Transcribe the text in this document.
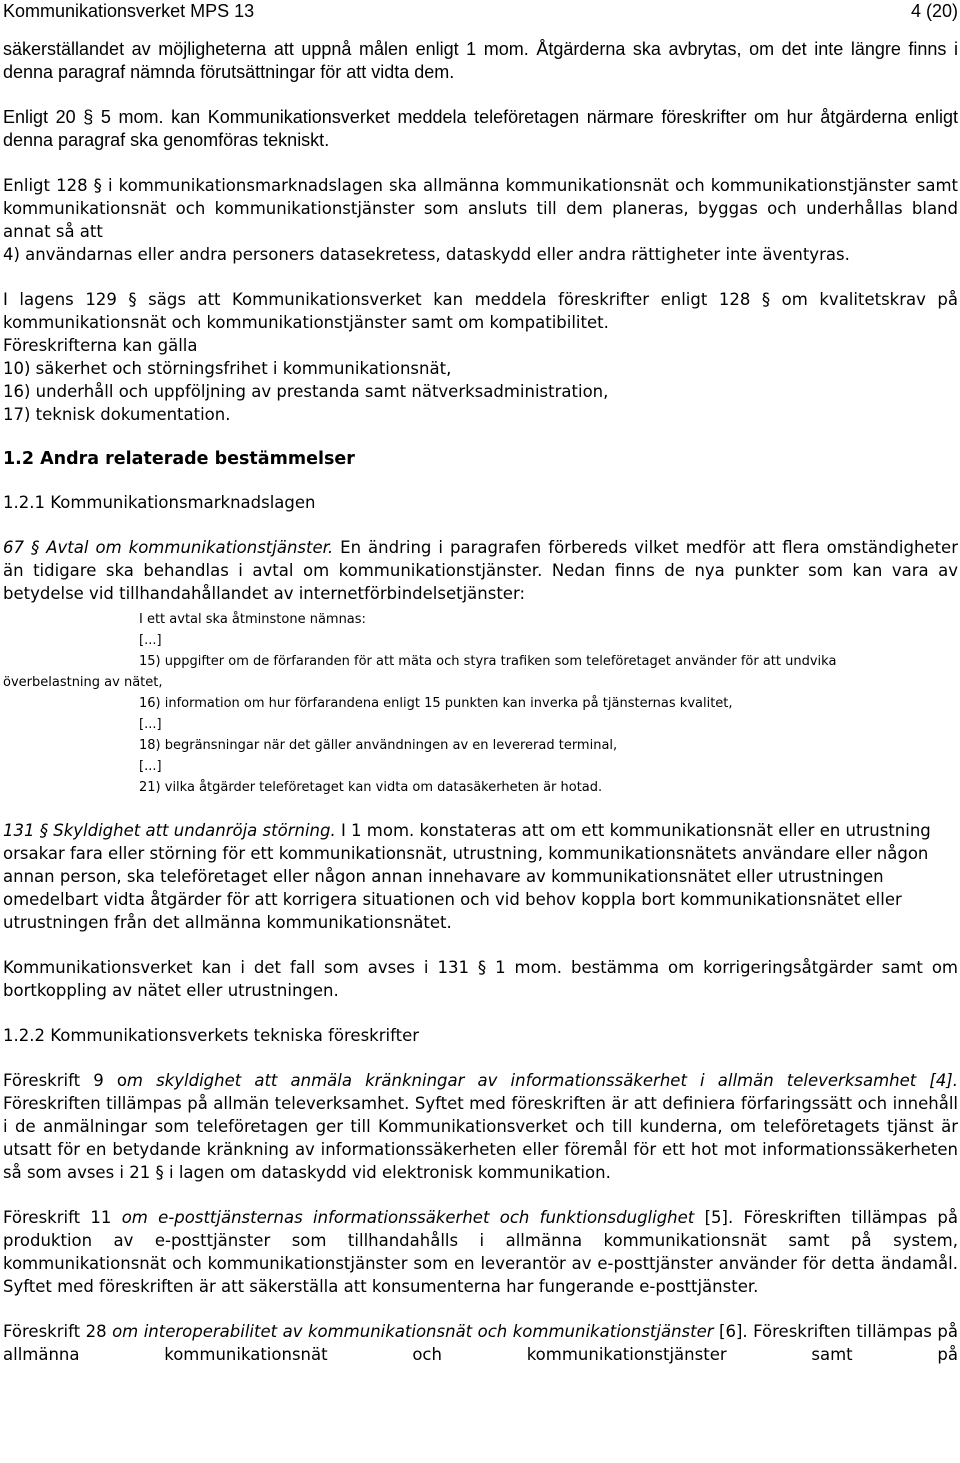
Kommunikationsverket MPS 13	4 (20)

säkerställandet av möjligheterna att uppnå målen enligt 1 mom. Åtgärderna ska avbrytas, om det inte längre finns i denna paragraf nämnda förutsättningar för att vidta dem.

Enligt 20 § 5 mom. kan Kommunikationsverket meddela teleföretagen närmare föreskrifter om hur åtgärderna enligt denna paragraf ska genomföras tekniskt.

Enligt 128 § i kommunikationsmarknadslagen ska allmänna kommunikationsnät och kommunikationstjänster samt kommunikationsnät och kommunikationstjänster som ansluts till dem planeras, byggas och underhållas bland annat så att

4) användarnas eller andra personers datasekretess, dataskydd eller andra rättigheter inte äventyras.

I lagens 129 § sägs att Kommunikationsverket kan meddela föreskrifter enligt 128 § om kvalitetskrav på kommunikationsnät och kommunikationstjänster samt om kompatibilitet.

Föreskrifterna kan gälla
10) säkerhet och störningsfrihet i kommunikationsnät,
16) underhåll och uppföljning av prestanda samt nätverksadministration,
17) teknisk dokumentation.
1.2 Andra relaterade bestämmelser
1.2.1 Kommunikationsmarknadslagen

67 § Avtal om kommunikationstjänster. En ändring i paragrafen förbereds vilket medför att flera omständigheter än tidigare ska behandlas i avtal om kommunikationstjänster. Nedan finns de nya punkter som kan vara av betydelse vid tillhandahållandet av internetförbindelsetjänster:

I ett avtal ska åtminstone nämnas:
[...]
15) uppgifter om de förfaranden för att mäta och styra trafiken som teleföretaget använder för att undvika
överbelastning av nätet,
16) information om hur förfarandena enligt 15 punkten kan inverka på tjänsternas kvalitet,
[...]
18) begränsningar när det gäller användningen av en levererad terminal,
[...]
21) vilka åtgärder teleföretaget kan vidta om datasäkerheten är hotad.

131 § Skyldighet att undanröja störning. I 1 mom. konstateras att om ett kommunikationsnät eller en utrustning orsakar fara eller störning för ett kommunikationsnät, utrustning, kommunikationsnätets användare eller någon annan person, ska teleföretaget eller någon annan innehavare av kommunikationsnätet eller utrustningen omedelbart vidta åtgärder för att korrigera situationen och vid behov koppla bort kommunikationsnätet eller utrustningen från det allmänna kommunikationsnätet.

Kommunikationsverket kan i det fall som avses i 131 § 1 mom. bestämma om korrigeringsåtgärder samt om bortkoppling av nätet eller utrustningen.

1.2.2 Kommunikationsverkets tekniska föreskrifter

Föreskrift 9 om skyldighet att anmäla kränkningar av informationssäkerhet i allmän televerksamhet [4]. Föreskriften tillämpas på allmän televerksamhet. Syftet med föreskriften är att definiera förfaringssätt och innehåll i de anmälningar som teleföretagen ger till Kommunikationsverket och till kunderna, om teleföretagets tjänst är utsatt för en betydande kränkning av informationssäkerheten eller föremål för ett hot mot informationssäkerheten så som avses i 21 § i lagen om dataskydd vid elektronisk kommunikation.

Föreskrift 11 om e-posttjänsternas informationssäkerhet och funktionsduglighet [5]. Föreskriften tillämpas på produktion av e-posttjänster som tillhandahålls i allmänna kommunikationsnät samt på system, kommunikationsnät och kommunikationstjänster som en leverantör av e-posttjänster använder för detta ändamål. Syftet med föreskriften är att säkerställa att konsumenterna har fungerande e-posttjänster.

Föreskrift 28 om interoperabilitet av kommunikationsnät och kommunikationstjänster [6]. Föreskriften tillämpas på allmänna kommunikationsnät och kommunikationstjänster samt på
